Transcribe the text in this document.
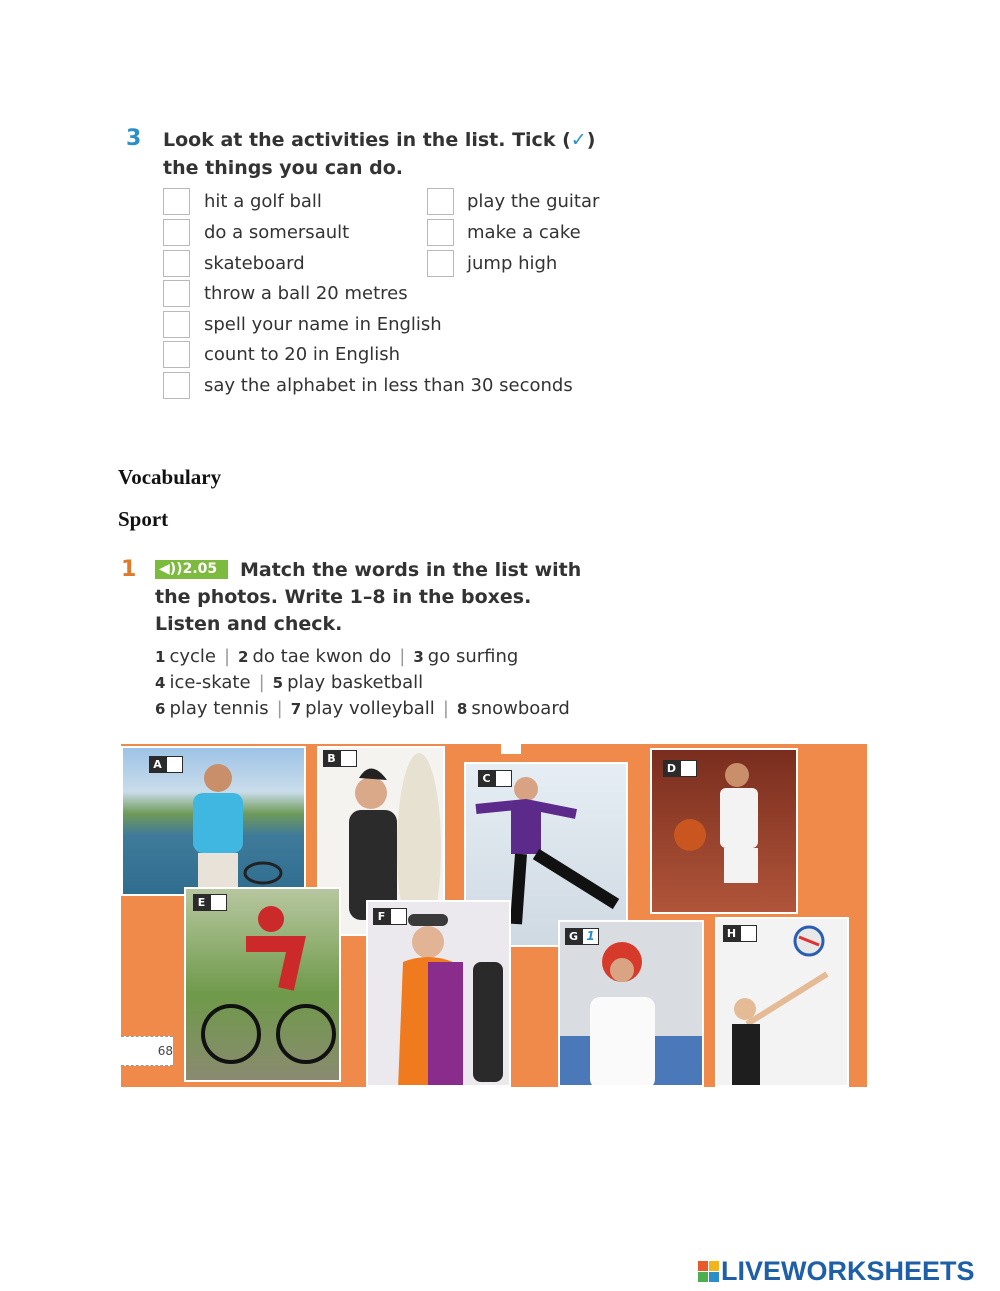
3 Look at the activities in the list. Tick (✓) the things you can do.
hit a golf ball
do a somersault
skateboard
throw a ball 20 metres
spell your name in English
count to 20 in English
say the alphabet in less than 30 seconds
play the guitar
make a cake
jump high
Vocabulary
Sport
1	Match the words in the list with the photos. Write 1–8 in the boxes. Listen and check.
◀))2.05
1 cycle | 2 do tae kwon do | 3 go surfing
4 ice-skate | 5 play basketball
6 play tennis | 7 play volleyball | 8 snowboard
A	B
C
D
E
F
G 1	H
68
LIVEWORKSHEETS
